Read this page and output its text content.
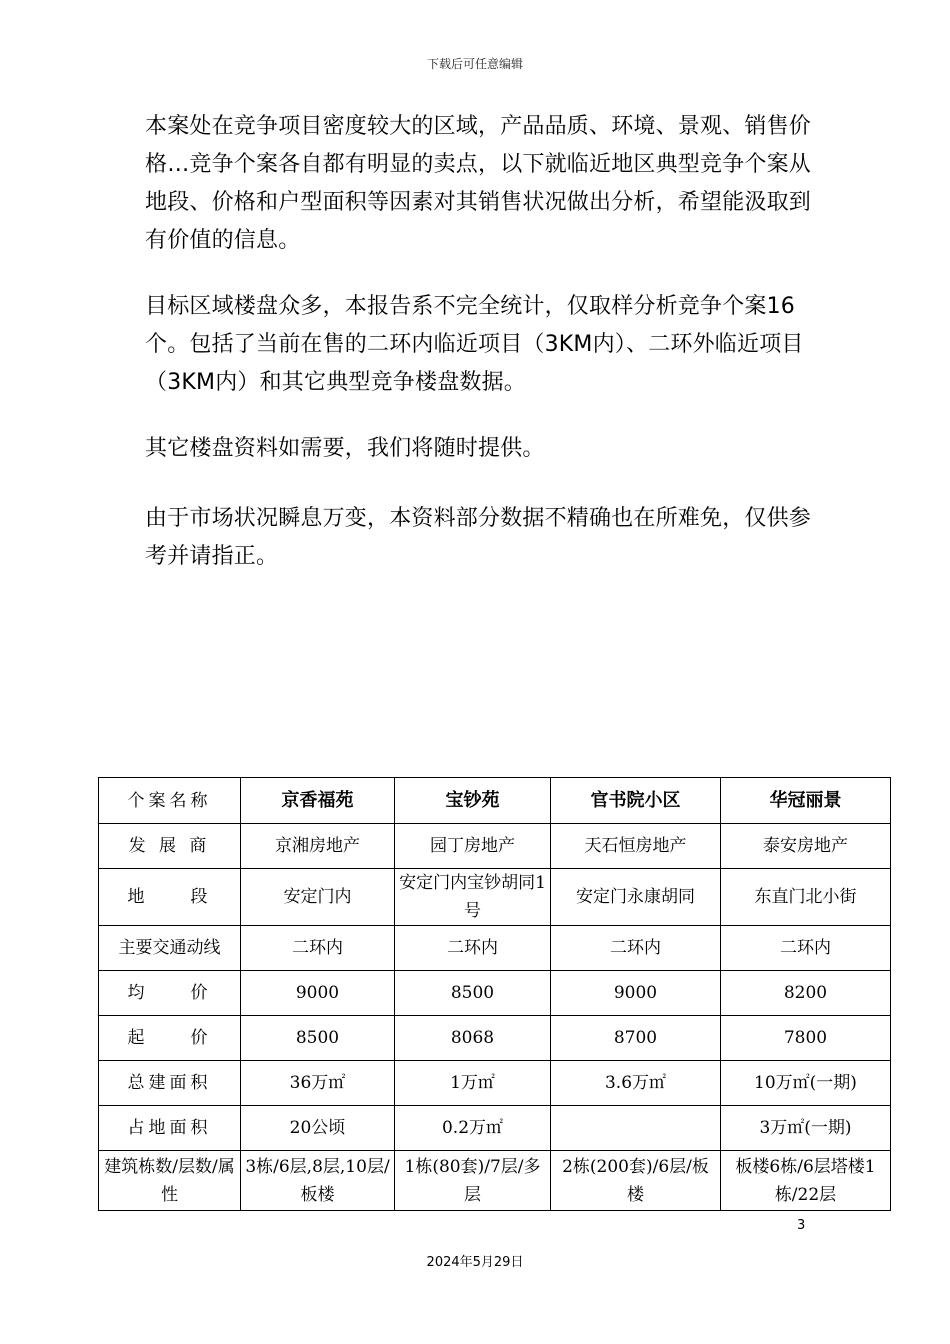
下载后可任意编辑

本案处在竞争项目密度较大的区域，产品品质、环境、景观、销售价格…竞争个案各自都有明显的卖点，以下就临近地区典型竞争个案从地段、价格和户型面积等因素对其销售状况做出分析，希望能汲取到有价值的信息。

目标区域楼盘众多，本报告系不完全统计，仅取样分析竞争个案16个。包括了当前在售的二环内临近项目（3KM内）、二环外临近项目（3KM内）和其它典型竞争楼盘数据。

其它楼盘资料如需要，我们将随时提供。

由于市场状况瞬息万变，本资料部分数据不精确也在所难免，仅供参考并请指正。

个案名称	京香福苑	宝钞苑	官书院小区	华冠丽景
发 展 商	京湘房地产	园丁房地产	天石恒房地产	泰安房地产
地　　段	安定门内	安定门内宝钞胡同1号	安定门永康胡同	东直门北小街
主要交通动线	二环内	二环内	二环内	二环内
均　　价	9000	8500	9000	8200
起　　价	8500	8068	8700	7800
总建面积	36万㎡	1万㎡	3.6万㎡	10万㎡(一期)
占地面积	20公顷	0.2万㎡		3万㎡(一期)
建筑栋数/层数/属性	3栋/6层,8层,10层/板楼	1栋(80套)/7层/多层	2栋(200套)/6层/板楼	板楼6栋/6层塔楼1栋/22层
3
2024年5月29日
